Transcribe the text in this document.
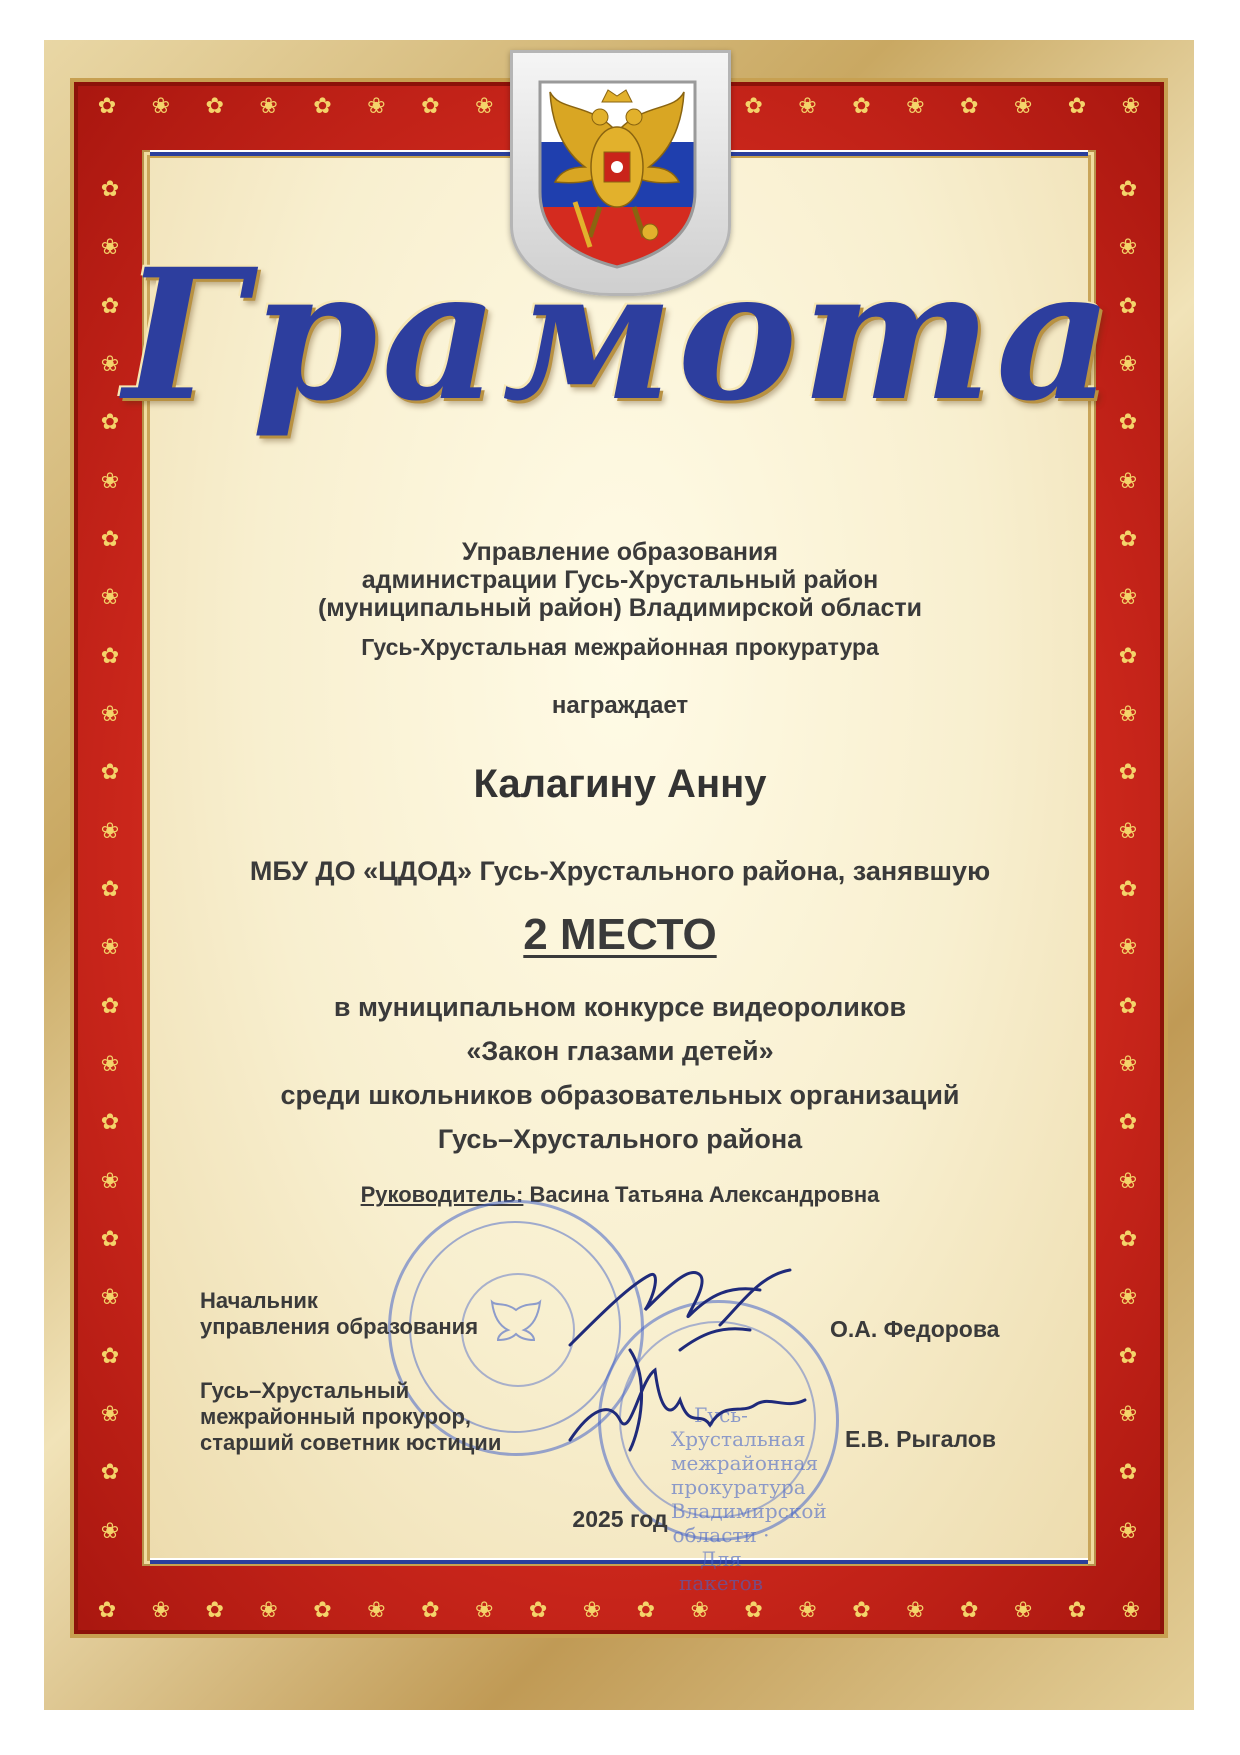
✿ ❀ ✿ ❀ ✿ ❀ ✿ ❀	✿ ❀ ✿ ❀ ✿ ❀ ✿ ❀
✿ ❀ ✿ ❀ ✿ ❀ ✿ ❀ ✿ ❀ ✿ ❀ ✿ ❀ ✿ ❀ ✿ ❀ ✿ ❀
✿
❀
✿
❀
✿
❀
✿
❀
✿
❀
✿
❀
✿
❀
✿
❀
✿
❀
✿
❀
✿
❀
✿
❀
✿
❀
✿
❀
✿
❀
✿
❀
✿
❀
✿
❀
✿
❀
✿
❀
✿
❀
✿
❀
✿
❀
✿
❀
Грамота
Управление образования
администрации Гусь-Хрустальный район
(муниципальный район) Владимирской области
Гусь-Хрустальная межрайонная прокуратура
награждает
Калагину Анну
МБУ ДО «ЦДОД» Гусь-Хрустального района, занявшую
2 МЕСТО
в муниципальном конкурсе видеороликов
«Закон глазами детей»
среди школьников образовательных организаций
Гусь–Хрустального района
Руководитель: Васина Татьяна Александровна
Гусь-Хрустальная межрайонная прокуратура Владимирской области · Для пакетов
Начальник
управления образования	О.А. Федорова
Гусь–Хрустальный
межрайонный прокурор,
старший советник юстиции	Е.В. Рыгалов
2025 год
